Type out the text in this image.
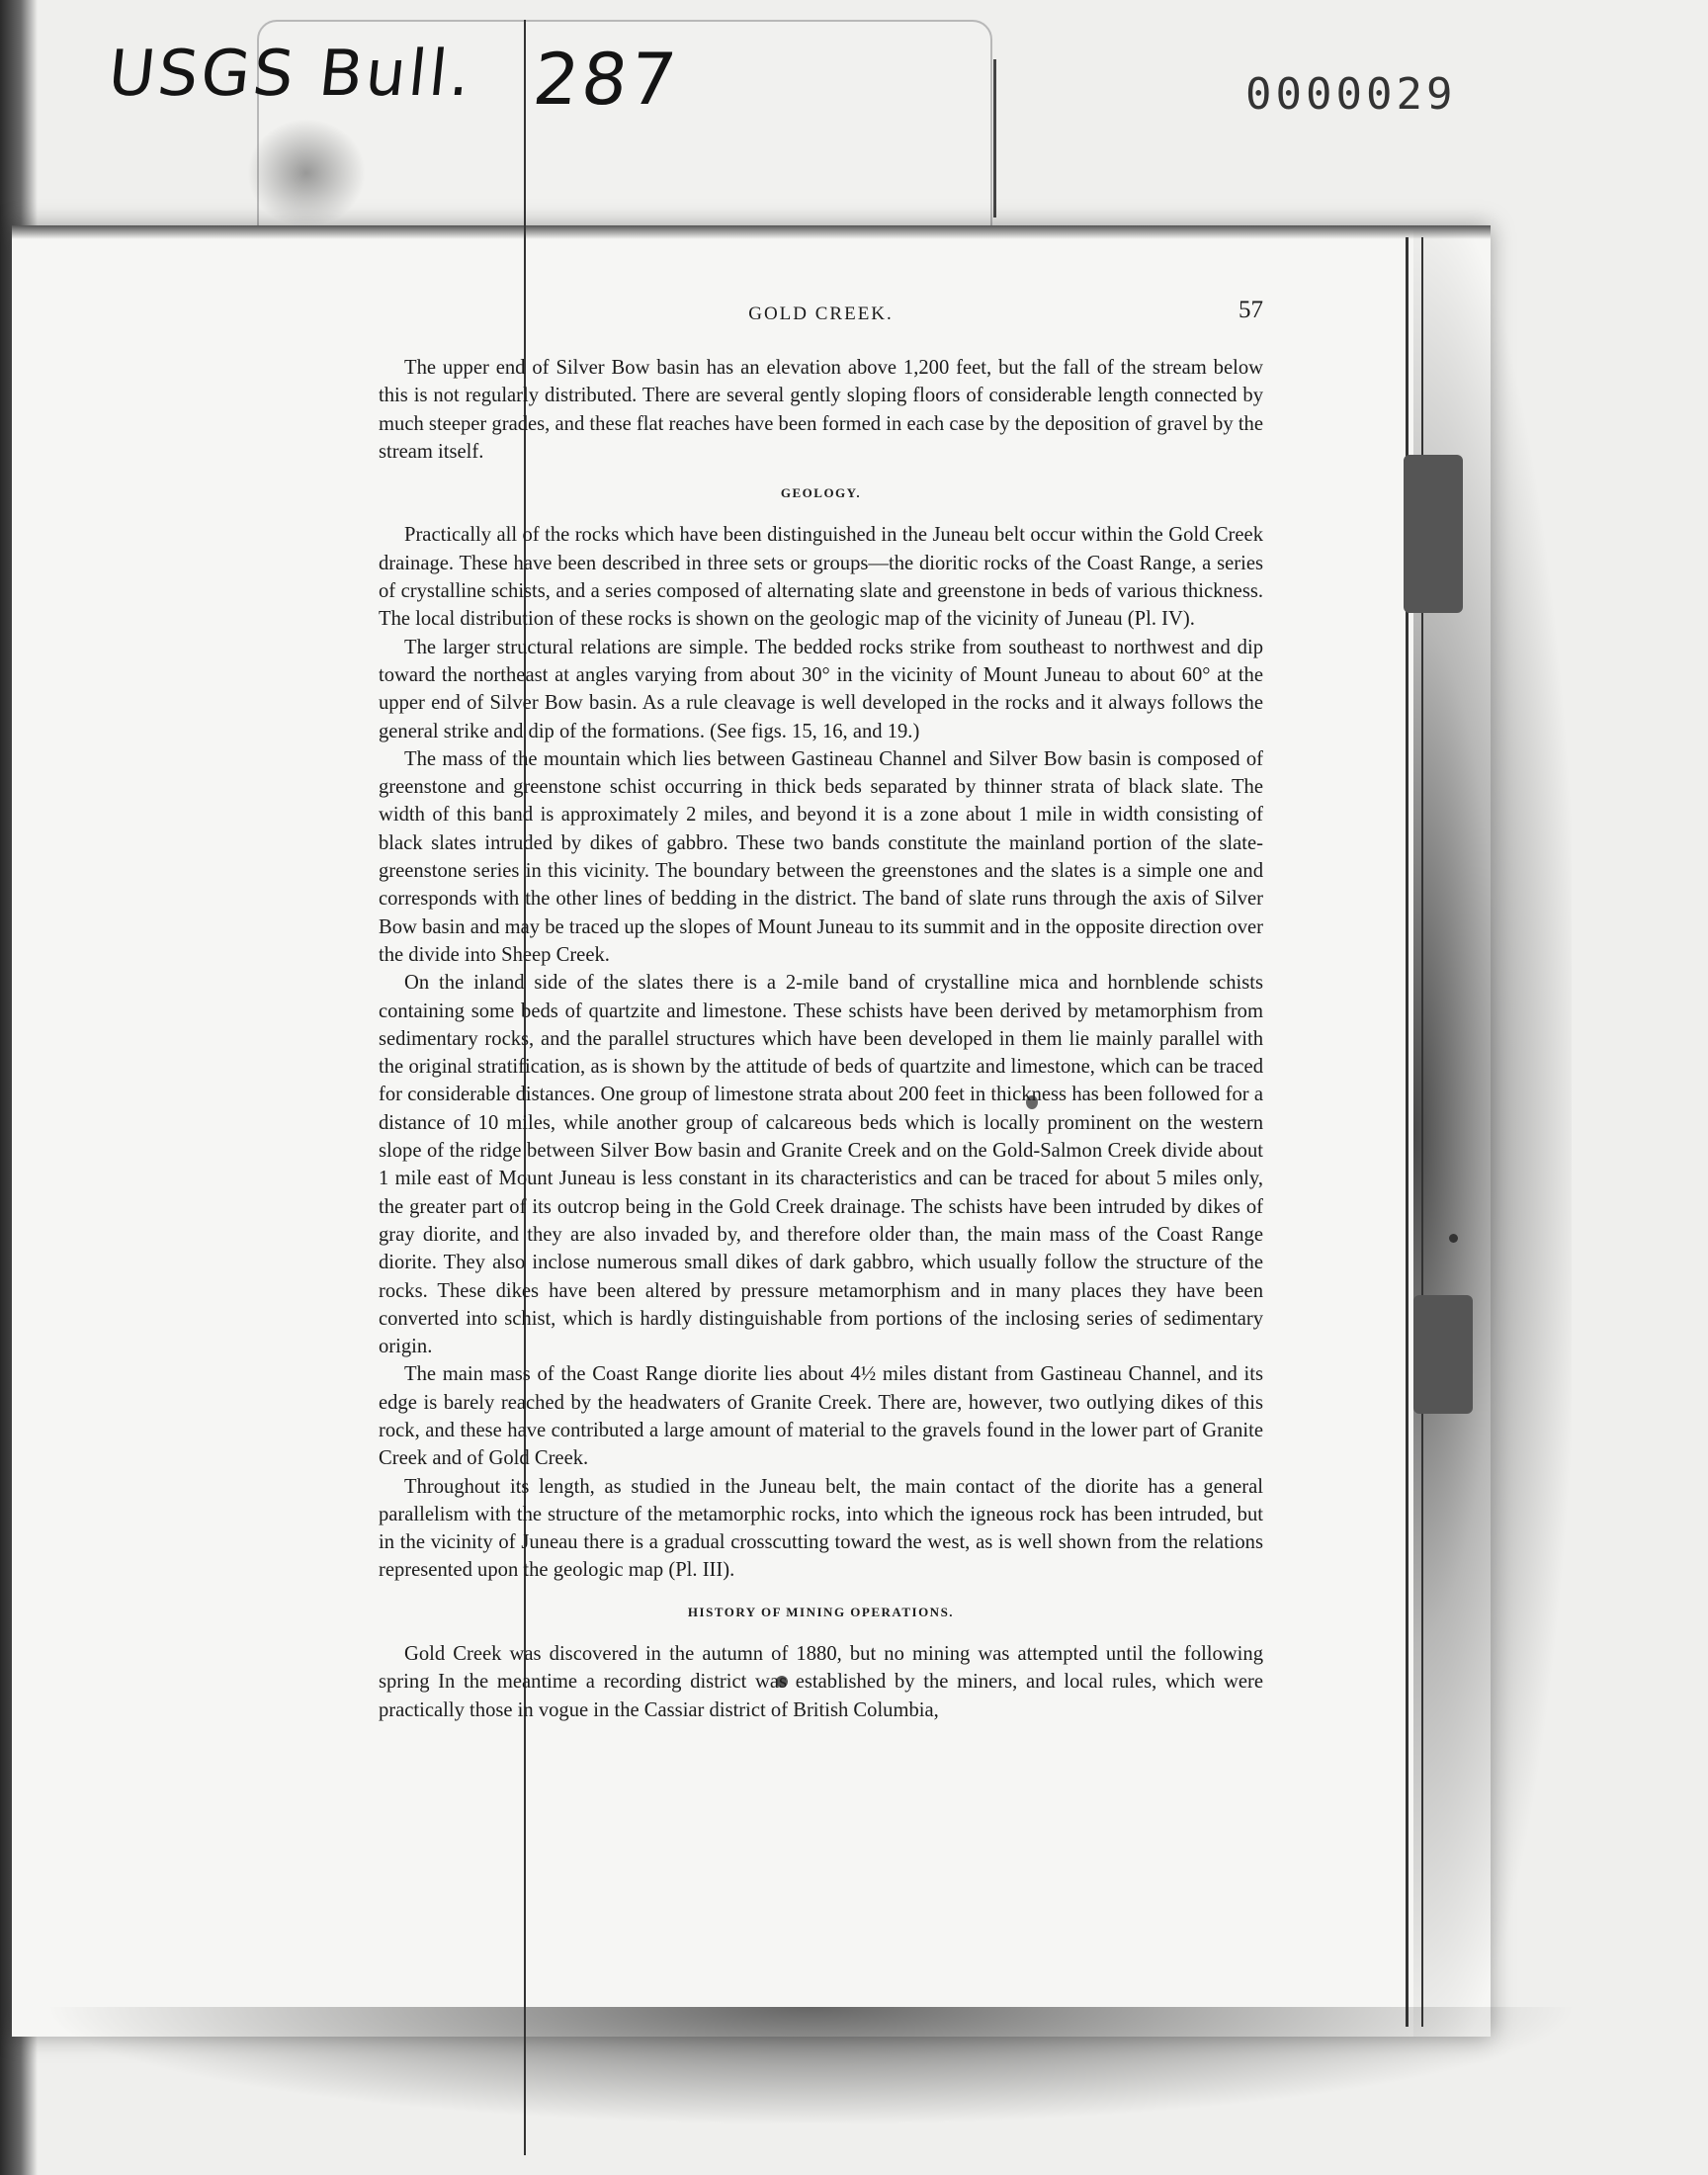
USGS Bull. 287	0000029
GOLD CREEK.	57

The upper end of Silver Bow basin has an elevation above 1,200 feet, but the fall of the stream below this is not regularly distributed. There are several gently sloping floors of considerable length connected by much steeper grades, and these flat reaches have been formed in each case by the deposition of gravel by the stream itself.

GEOLOGY.

Practically all of the rocks which have been distinguished in the Juneau belt occur within the Gold Creek drainage. These have been described in three sets or groups—the dioritic rocks of the Coast Range, a series of crystalline schists, and a series composed of alternating slate and greenstone in beds of various thickness. The local distribution of these rocks is shown on the geologic map of the vicinity of Juneau (Pl. IV).

The larger structural relations are simple. The bedded rocks strike from southeast to northwest and dip toward the northeast at angles varying from about 30° in the vicinity of Mount Juneau to about 60° at the upper end of Silver Bow basin. As a rule cleavage is well developed in the rocks and it always follows the general strike and dip of the formations. (See figs. 15, 16, and 19.)

The mass of the mountain which lies between Gastineau Channel and Silver Bow basin is composed of greenstone and greenstone schist occurring in thick beds separated by thinner strata of black slate. The width of this band is approximately 2 miles, and beyond it is a zone about 1 mile in width consisting of black slates intruded by dikes of gabbro. These two bands constitute the mainland portion of the slate-greenstone series in this vicinity. The boundary between the greenstones and the slates is a simple one and corresponds with the other lines of bedding in the district. The band of slate runs through the axis of Silver Bow basin and may be traced up the slopes of Mount Juneau to its summit and in the opposite direction over the divide into Sheep Creek.

On the inland side of the slates there is a 2-mile band of crystalline mica and hornblende schists containing some beds of quartzite and limestone. These schists have been derived by metamorphism from sedimentary rocks, and the parallel structures which have been developed in them lie mainly parallel with the original stratification, as is shown by the attitude of beds of quartzite and limestone, which can be traced for considerable distances. One group of limestone strata about 200 feet in thickness has been followed for a distance of 10 miles, while another group of calcareous beds which is locally prominent on the western slope of the ridge between Silver Bow basin and Granite Creek and on the Gold-Salmon Creek divide about 1 mile east of Mount Juneau is less constant in its characteristics and can be traced for about 5 miles only, the greater part of its outcrop being in the Gold Creek drainage. The schists have been intruded by dikes of gray diorite, and they are also invaded by, and therefore older than, the main mass of the Coast Range diorite. They also inclose numerous small dikes of dark gabbro, which usually follow the structure of the rocks. These dikes have been altered by pressure metamorphism and in many places they have been converted into schist, which is hardly distinguishable from portions of the inclosing series of sedimentary origin.

The main mass of the Coast Range diorite lies about 4½ miles distant from Gastineau Channel, and its edge is barely reached by the headwaters of Granite Creek. There are, however, two outlying dikes of this rock, and these have contributed a large amount of material to the gravels found in the lower part of Granite Creek and of Gold Creek.

Throughout its length, as studied in the Juneau belt, the main contact of the diorite has a general parallelism with the structure of the metamorphic rocks, into which the igneous rock has been intruded, but in the vicinity of Juneau there is a gradual crosscutting toward the west, as is well shown from the relations represented upon the geologic map (Pl. III).

HISTORY OF MINING OPERATIONS.

Gold Creek was discovered in the autumn of 1880, but no mining was attempted until the following spring In the meantime a recording district was established by the miners, and local rules, which were practically those in vogue in the Cassiar district of British Columbia,
